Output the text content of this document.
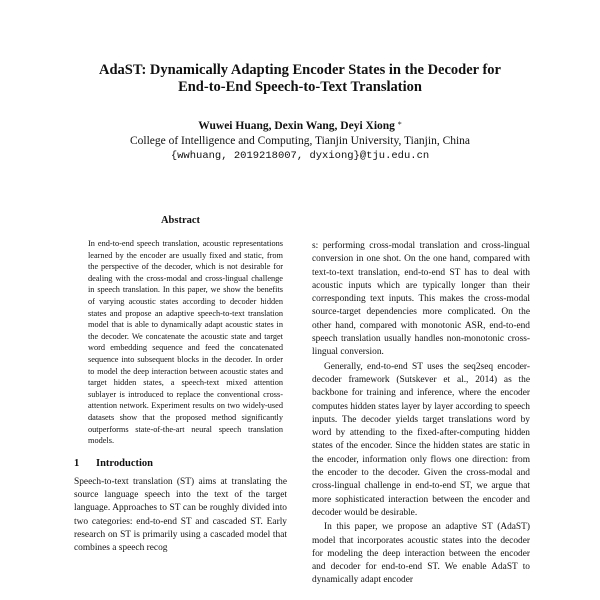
AdaST: Dynamically Adapting Encoder States in the Decoder for
End-to-End Speech-to-Text Translation
Wuwei Huang, Dexin Wang, Deyi Xiong *
College of Intelligence and Computing, Tianjin University, Tianjin, China
{wwhuang, 2019218007, dyxiong}@tju.edu.cn
Abstract
In end-to-end speech translation, acoustic representations learned by the encoder are usually fixed and static, from the perspective of the decoder, which is not desirable for dealing with the cross-modal and cross-lingual challenge in speech translation. In this paper, we show the benefits of varying acoustic states according to decoder hidden states and propose an adaptive speech-to-text translation model that is able to dynamically adapt acoustic states in the decoder. We concatenate the acoustic state and target word embedding sequence and feed the concatenated sequence into subsequent blocks in the decoder. In order to model the deep interaction between acoustic states and target hidden states, a speech-text mixed attention sublayer is introduced to replace the conventional cross-attention network. Experiment results on two widely-used datasets show that the proposed method significantly outperforms state-of-the-art neural speech translation models.
1 Introduction
Speech-to-text translation (ST) aims at translating the source language speech into the text of the target language. Approaches to ST can be roughly divided into two categories: end-to-end ST and cascaded ST. Early research on ST is primarily using a cascaded model that combines a speech recog
s: performing cross-modal translation and cross-lingual conversion in one shot. On the one hand, compared with text-to-text translation, end-to-end ST has to deal with acoustic inputs which are typically longer than their corresponding text inputs. This makes the cross-modal source-target dependencies more complicated. On the other hand, compared with monotonic ASR, end-to-end speech translation usually handles non-monotonic cross-lingual conversion.
Generally, end-to-end ST uses the seq2seq encoder-decoder framework (Sutskever et al., 2014) as the backbone for training and inference, where the encoder computes hidden states layer by layer according to speech inputs. The decoder yields target translations word by word by attending to the fixed-after-computing hidden states of the encoder. Since the hidden states are static in the encoder, information only flows one direction: from the encoder to the decoder. Given the cross-modal and cross-lingual challenge in end-to-end ST, we argue that more sophisticated interaction between the encoder and decoder would be desirable.
In this paper, we propose an adaptive ST (AdaST) model that incorporates acoustic states into the decoder for modeling the deep interaction between the encoder and decoder for end-to-end ST. We enable AdaST to dynamically adapt encoder
